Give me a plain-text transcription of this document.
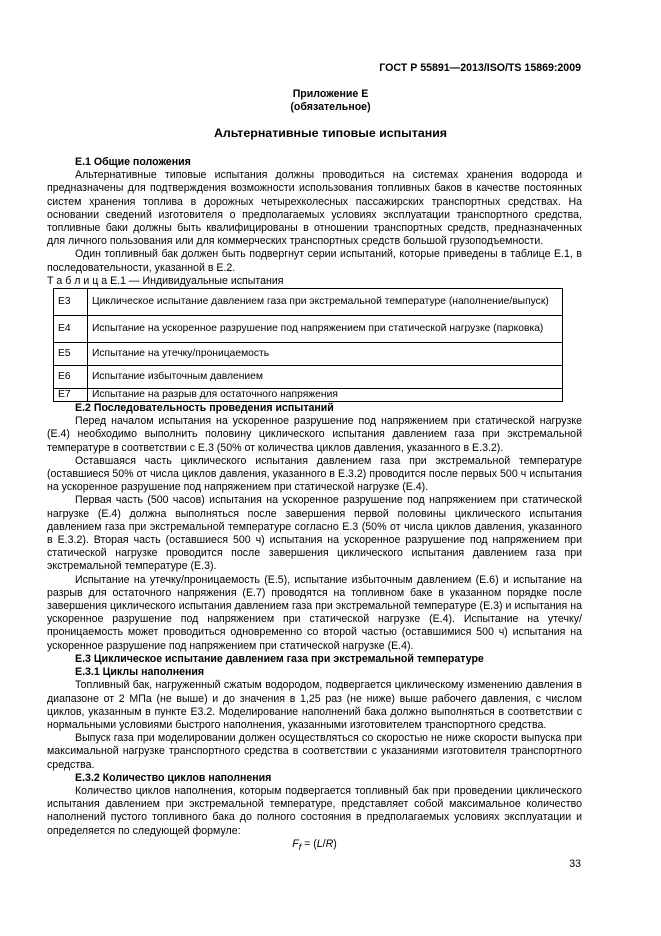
ГОСТ Р 55891—2013/ISO/TS 15869:2009
Приложение Е
(обязательное)
Альтернативные типовые испытания
Е.1 Общие положения

Альтернативные типовые испытания должны проводиться на системах хранения водорода и предназначены для подтверждения возможности использования топливных баков в качестве постоянных систем хранения топлива в дорожных четырехколесных пассажирских транспортных средствах. На основании сведений изготовителя о предполагаемых условиях эксплуатации транспортного средства, топливные баки должны быть квалифицированы в отношении транспортных средств, предназначенных для личного пользования или для коммерческих транспортных средств большой грузоподъемности.

Один топливный бак должен быть подвергнут серии испытаний, которые приведены в таблице Е.1, в последовательности, указанной в Е.2.

Т а б л и ц а Е.1 — Индивидуальные испытания
Е3	Циклическое испытание давлением газа при экстремальной температуре (наполнение/выпуск)
Е4	Испытание на ускоренное разрушение под напряжением при статической нагрузке (парковка)
Е5	Испытание на утечку/проницаемость
Е6	Испытание избыточным давлением
Е7	Испытание на разрыв для остаточного напряжения
Е.2 Последовательность проведения испытаний

Перед началом испытания на ускоренное разрушение под напряжением при статической нагрузке (Е.4) необходимо выполнить половину циклического испытания давлением газа при экстремальной температуре в соответствии с Е.3 (50% от количества циклов давления, указанного в Е.3.2).

Оставшаяся часть циклического испытания давлением газа при экстремальной температуре (оставшиеся 50% от числа циклов давления, указанного в Е.3.2) проводится после первых 500 ч испытания на ускоренное разрушение под напряжением при статической нагрузке (Е.4).

Первая часть (500 часов) испытания на ускоренное разрушение под напряжением при статической нагрузке (Е.4) должна выполняться после завершения первой половины циклического испытания давлением газа при экстремальной температуре согласно Е.3 (50% от числа циклов давления, указанного в Е.3.2). Вторая часть (оставшиеся 500 ч) испытания на ускоренное разрушение под напряжением при статической нагрузке проводится после завершения циклического испытания давлением газа при экстремальной температуре (Е.3).

Испытание на утечку/проницаемость (Е.5), испытание избыточным давлением (Е.6) и испытание на разрыв для остаточного напряжения (Е.7) проводятся на топливном баке в указанном порядке после завершения циклического испытания давлением газа при экстремальной температуре (Е.3) и испытания на ускоренное разрушение под напряжением при статической нагрузке (Е.4). Испытание на утечку/проницаемость может проводиться одновременно со второй частью (оставшимися 500 ч) испытания на ускоренное разрушение под напряжением при статической нагрузке (Е.4).

Е.3 Циклическое испытание давлением газа при экстремальной температуре
Е.3.1 Циклы наполнения

Топливный бак, нагруженный сжатым водородом, подвергается циклическому изменению давления в диапазоне от 2 МПа (не выше) и до значения в 1,25 раз (не ниже) выше рабочего давления, с числом циклов, указанным в пункте Е3.2. Моделирование наполнений бака должно выполняться в соответствии с нормальными условиями быстрого наполнения, указанными изготовителем транспортного средства.

Выпуск газа при моделировании должен осуществляться со скоростью не ниже скорости выпуска при максимальной нагрузке транспортного средства в соответствии с указаниями изготовителя транспортного средства.

Е.3.2 Количество циклов наполнения

Количество циклов наполнения, которым подвергается топливный бак при проведении циклического испытания давлением при экстремальной температуре, представляет собой максимальное количество наполнений пустого топливного бака до полного состояния в предполагаемых условиях эксплуатации и определяется по следующей формуле:

$F_f = (L/R)$
33
